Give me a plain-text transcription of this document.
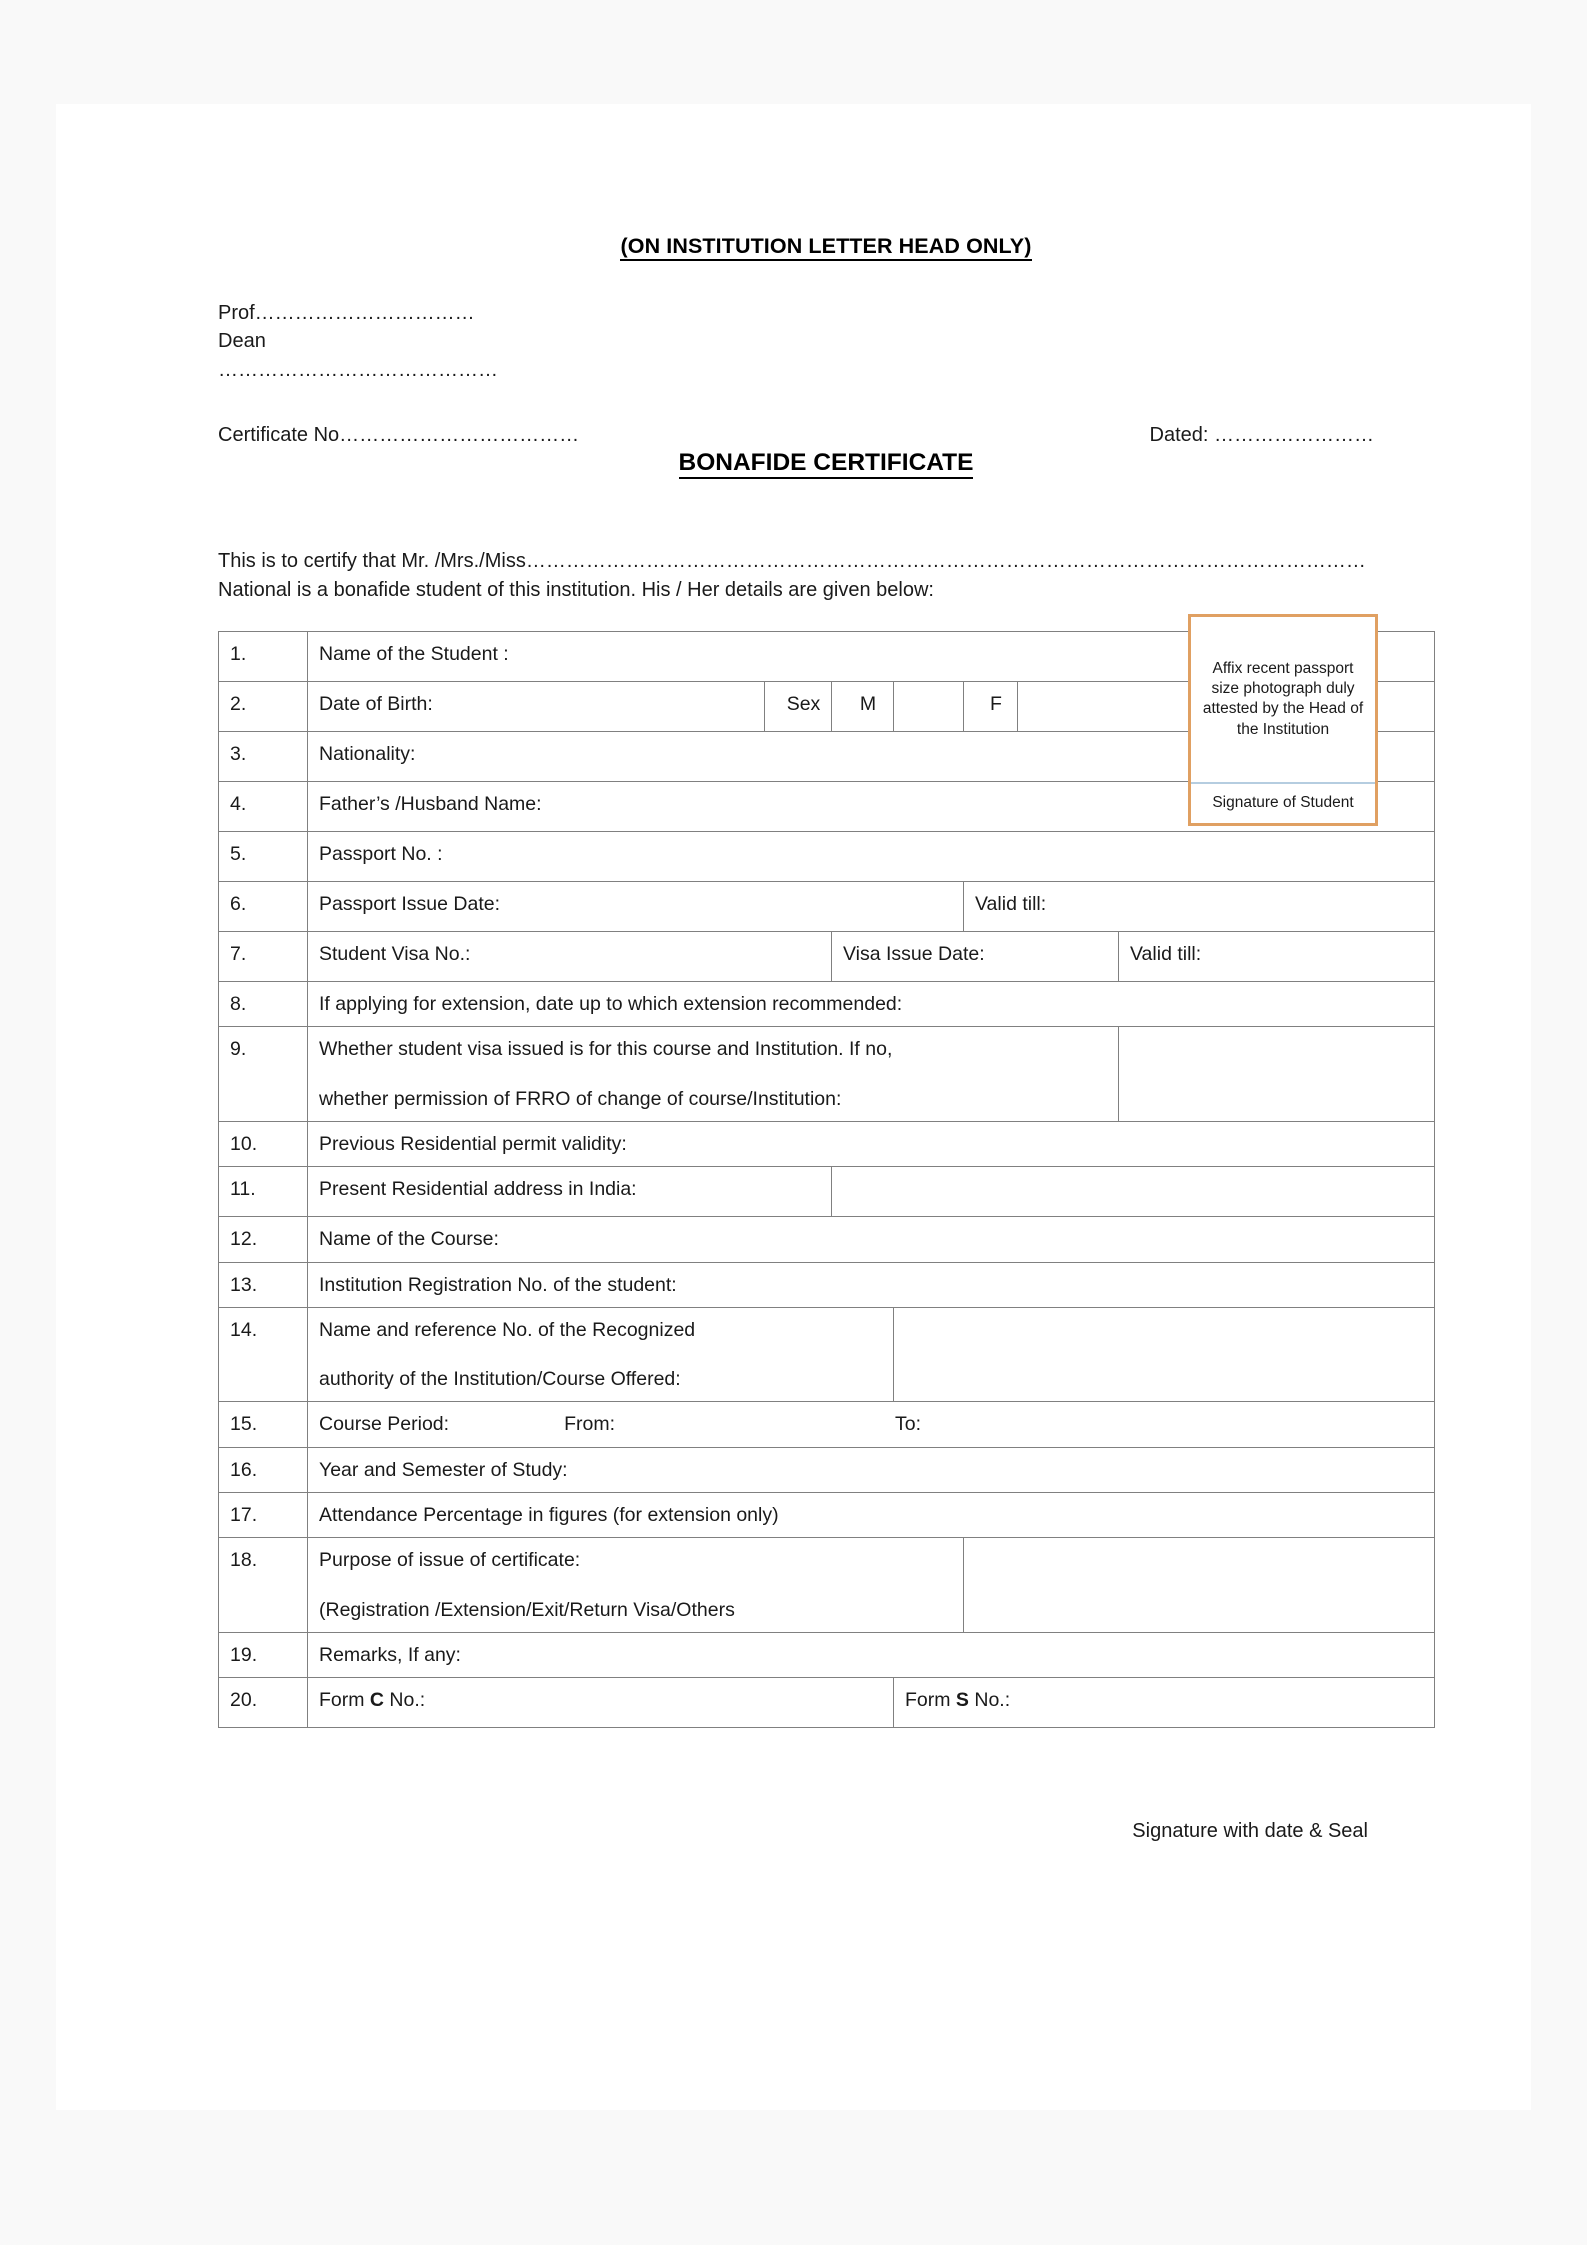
(ON INSTITUTION LETTER HEAD ONLY)
Prof……………………………
Dean
……………………………………
Certificate No………………………………	Dated: ……………………
BONAFIDE CERTIFICATE
This is to certify that Mr. /Mrs./Miss………………………………………………………………………………………………………………
National is a bonafide student of this institution. His / Her details are given below:
1.	Name of the Student :						
2.	Date of Birth:	Sex	M		F		
3.	Nationality:						
4.	Father’s /Husband Name:						
5.	Passport No. :						
6.	Passport Issue Date:				Valid till:		
7.	Student Visa No.:		Visa Issue Date:				Valid till:
8.	If applying for extension, date up to which extension recommended:						
9.	Whether student visa issued is for this course and Institution. If no,
whether permission of FRRO of change of course/Institution:						

10.	Previous Residential permit validity:						
11.	Present Residential address in India:						
12.	Name of the Course:						
13.	Institution Registration No. of the student:						
14.	Name and reference No. of the Recognized
authority of the Institution/Course Offered:						

15.	Course Period: From: To:						
16.	Year and Semester of Study:						
17.	Attendance Percentage in figures (for extension only)						
18.	Purpose of issue of certificate:
(Registration /Extension/Exit/Return Visa/Others						

19.	Remarks, If any:						
20.	Form C No.:			Form S No.:			

Affix recent passport size photograph duly attested by the Head of the Institution

Signature of Student

Signature with date & Seal
